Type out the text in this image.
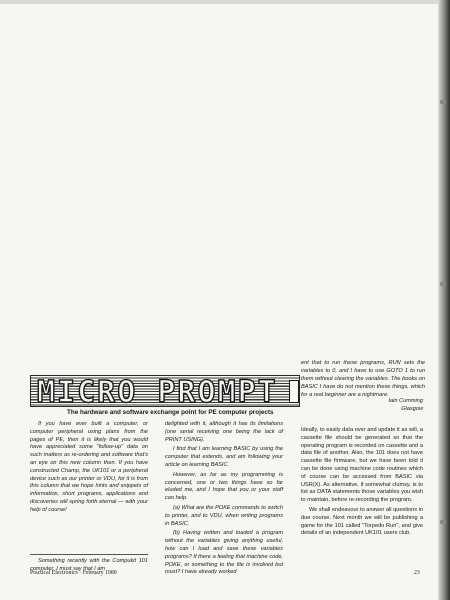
ent that to run these programs, RUN sets the variables to 0, and I have to use GOTO 1 to run them without clearing the variables. The books on BASIC I have do not mention these things, which for a real beginner are a nightmare.
Iain Cumming
Glasgow
MICRO PROMPT
The hardware and software exchange point for PE computer projects

If you have ever built a computer, or computer peripheral using plans from the pages of PE, then it is likely that you would have appreciated some "follow-up" data on such matters as re-ordering and software that's an eye on this new column then. If you have constructed Champ, the UK101 or a peripheral device such as our printer or VDU, for it is from this column that we hope hints and snippets of information, short programs, applications and discoveries will spring forth eternal — with your help of course!

Something recently with the Compukit 101 computer. I must say that I am

delighted with it, although it has its limitations (one serial receiving one being the lack of PRINT USING).

I find that I am learning BASIC by using the computer that extends, and am following your article on learning BASIC.

However, as far as my programming is concerned, one or two things have so far eluded me, and I hope that you or your staff can help.

(a) What are the POKE commands to switch to printer, and to VDU, when writing programs in BASIC.

(b) Having written and loaded a program without the variables giving anything useful, how can I load and save these variables programs? If there a feeling that machine code, POKE, or something to the file is involved but must? I have already worked

Ideally, to easily data over and update it as will, a cassette file should be generated so that the operating program is recorded on cassette and a data file of another. Also, the 101 does not have cassette file firmware, but we have been told it can be done using machine code routines which of course can be accessed from BASIC via USR(X). As alternative, if somewhat clumsy, is to list as DATA statements those variables you wish to maintain, before re-recording the program.

We shall endeavour to answer all questions in due course. Next month we will be publishing a game for the 101 called "Torpedo Run", and give details of an independent UK101 users club.

Practical Electronics · February 1980	23
